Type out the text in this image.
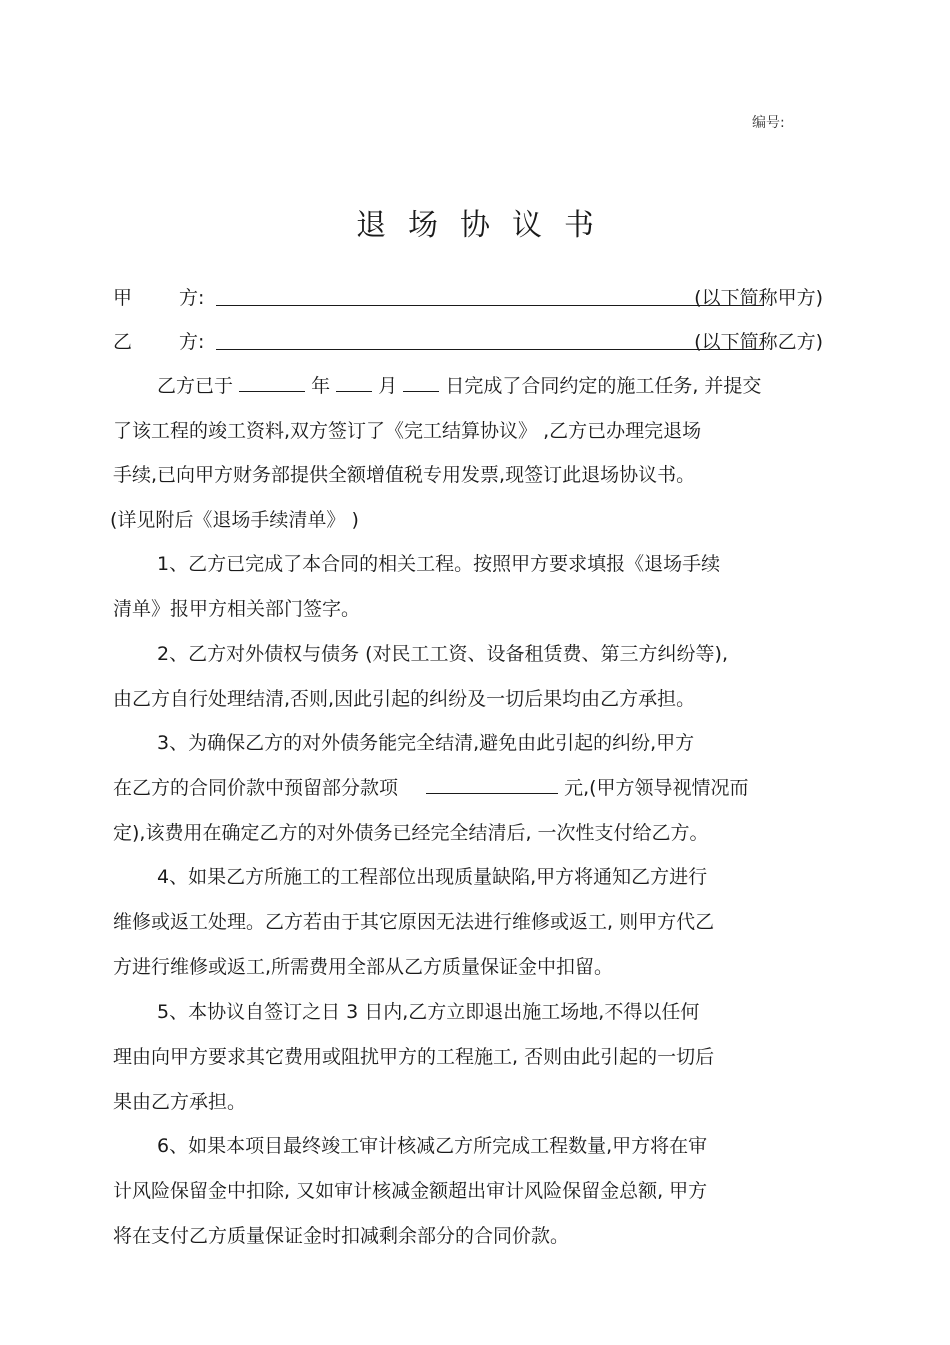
编号:
退场协议书
甲 方:	(以下简称甲方)
乙 方:	(以下简称乙方)
乙方已于	年	月	日完成了合同约定的施工任务, 并提交
了该工程的竣工资料,双方签订了《完工结算协议》 ,乙方已办理完退场
手续,已向甲方财务部提供全额增值税专用发票,现签订此退场协议书。
(详见附后《退场手续清单》 )
1、乙方已完成了本合同的相关工程。按照甲方要求填报《退场手续
清单》报甲方相关部门签字。
2、乙方对外债权与债务 (对民工工资、设备租赁费、第三方纠纷等),
由乙方自行处理结清,否则,因此引起的纠纷及一切后果均由乙方承担。
3、为确保乙方的对外债务能完全结清,避免由此引起的纠纷,甲方
在乙方的合同价款中预留部分款项	元,(甲方领导视情况而
定),该费用在确定乙方的对外债务已经完全结清后, 一次性支付给乙方。
4、如果乙方所施工的工程部位出现质量缺陷,甲方将通知乙方进行
维修或返工处理。乙方若由于其它原因无法进行维修或返工, 则甲方代乙
方进行维修或返工,所需费用全部从乙方质量保证金中扣留。
5、本协议自签订之日 3 日内,乙方立即退出施工场地,不得以任何
理由向甲方要求其它费用或阻扰甲方的工程施工, 否则由此引起的一切后
果由乙方承担。
6、如果本项目最终竣工审计核减乙方所完成工程数量,甲方将在审
计风险保留金中扣除, 又如审计核减金额超出审计风险保留金总额, 甲方
将在支付乙方质量保证金时扣减剩余部分的合同价款。
